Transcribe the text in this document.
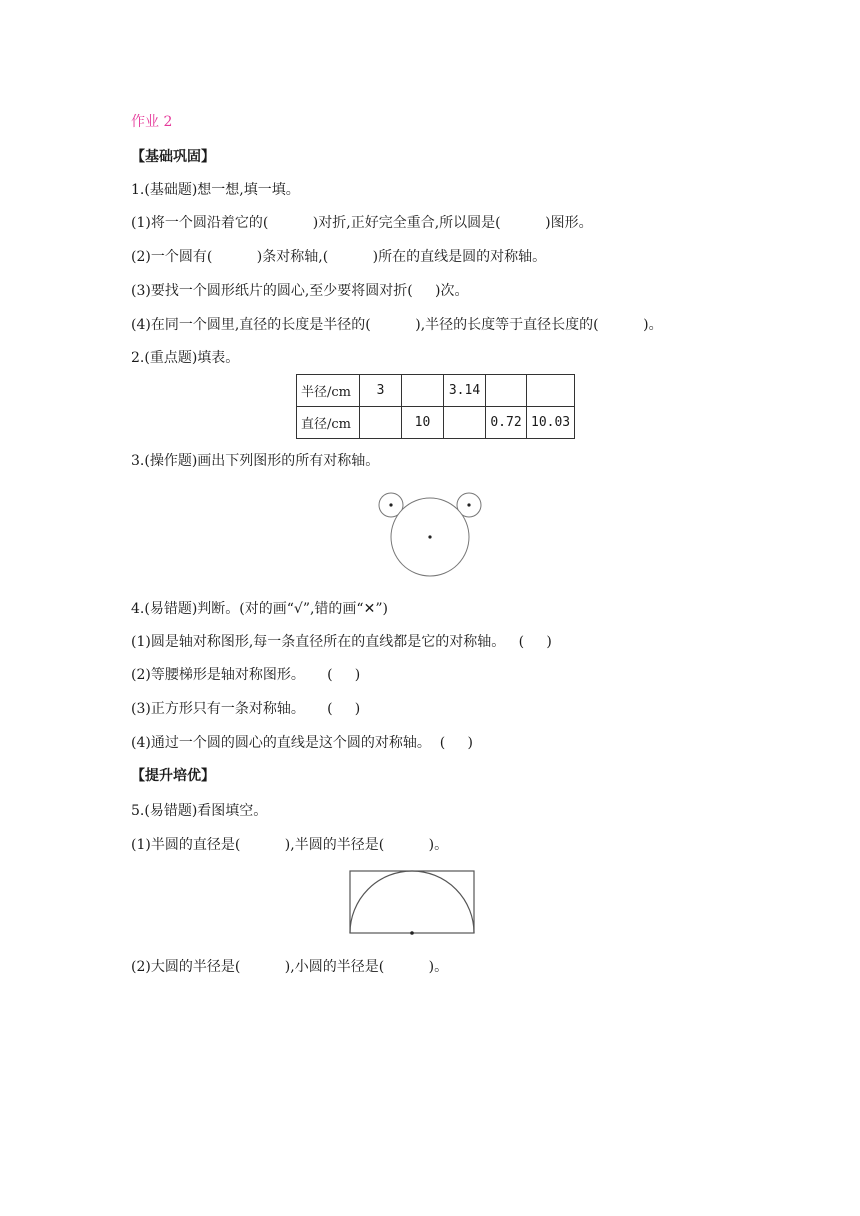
作业 2
【基础巩固】
1.(基础题)想一想,填一填。
(1)将一个圆沿着它的(          )对折,正好完全重合,所以圆是(          )图形。
(2)一个圆有(          )条对称轴,(          )所在的直线是圆的对称轴。
(3)要找一个圆形纸片的圆心,至少要将圆对折(     )次。
(4)在同一个圆里,直径的长度是半径的(          ),半径的长度等于直径长度的(          )。
2.(重点题)填表。
半径/cm	3		3.14		
直径/cm		10		0.72	10.03
3.(操作题)画出下列图形的所有对称轴。
4.(易错题)判断。(对的画“√”,错的画“✕”)
(1)圆是轴对称图形,每一条直径所在的直线都是它的对称轴。   (     )
(2)等腰梯形是轴对称图形。     (     )
(3)正方形只有一条对称轴。     (     )
(4)通过一个圆的圆心的直线是这个圆的对称轴。  (     )
【提升培优】
5.(易错题)看图填空。
(1)半圆的直径是(          ),半圆的半径是(          )。
(2)大圆的半径是(          ),小圆的半径是(          )。
